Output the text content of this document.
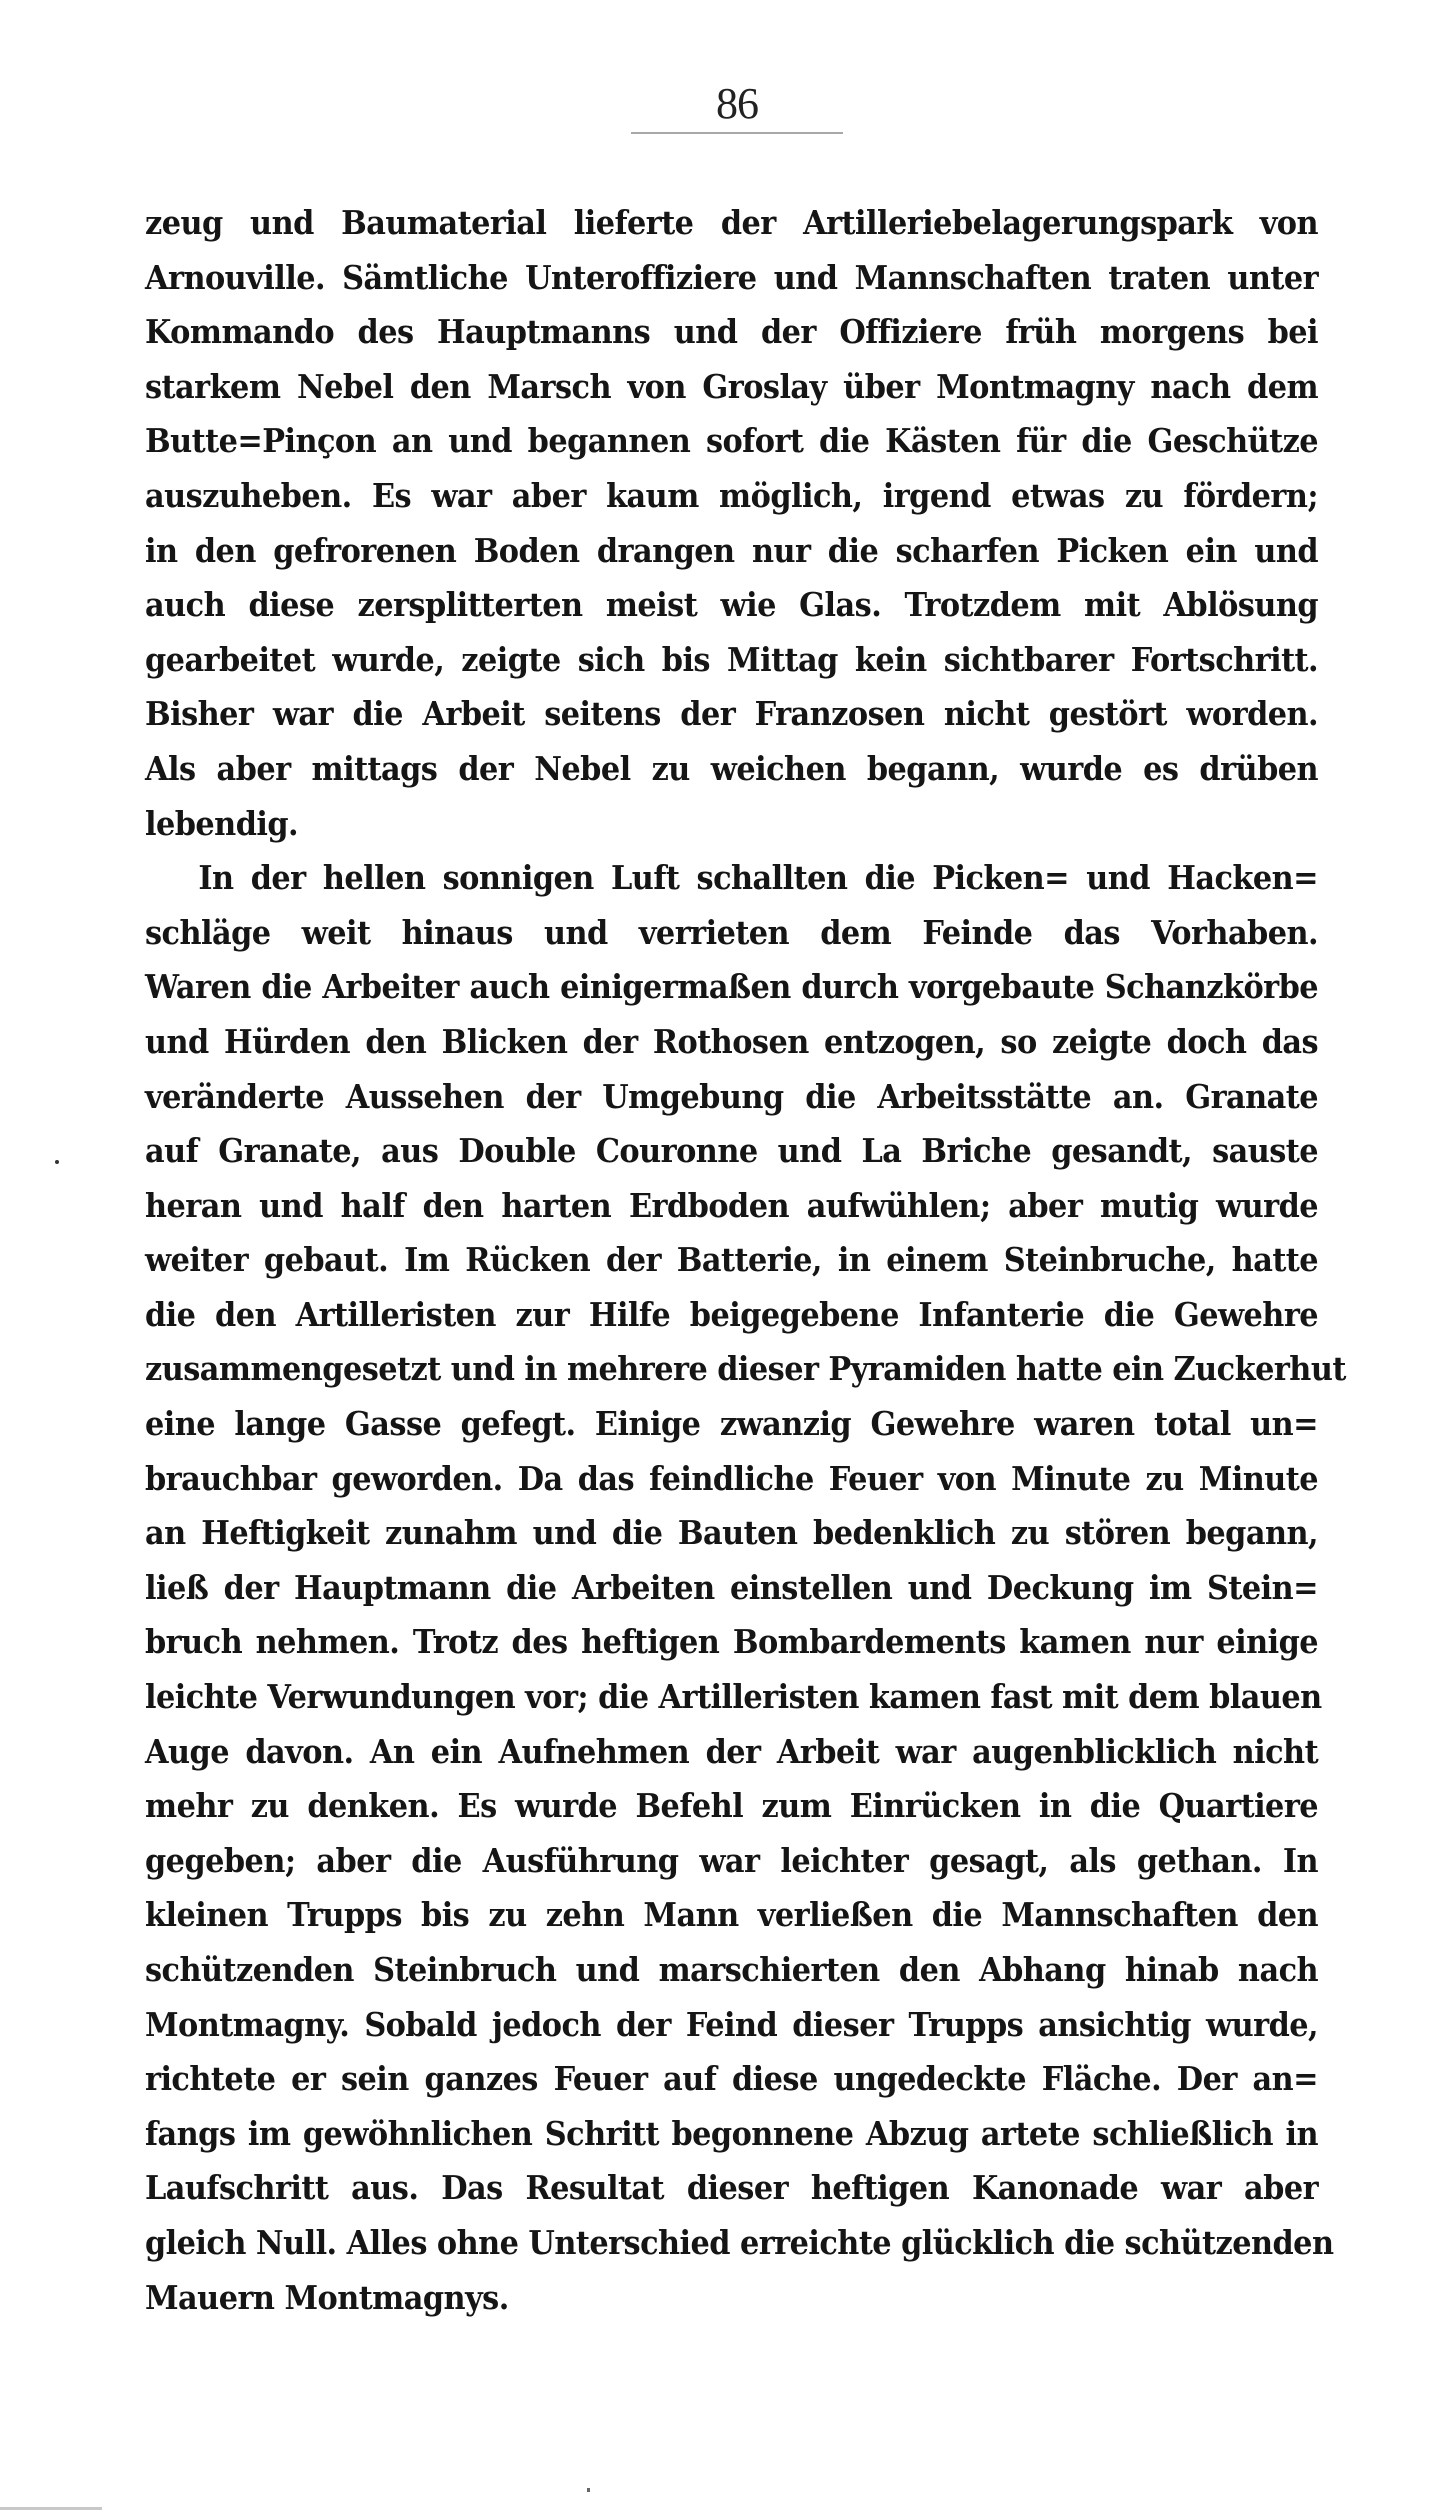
86
zeug und Baumaterial lieferte der Artilleriebelagerungspark von
Arnouville. Sämtliche Unteroffiziere und Mannschaften traten unter
Kommando des Hauptmanns und der Offiziere früh morgens bei
starkem Nebel den Marsch von Groslay über Montmagny nach dem
Butte=Pinçon an und begannen sofort die Kästen für die Geschütze
auszuheben. Es war aber kaum möglich, irgend etwas zu fördern;
in den gefrorenen Boden drangen nur die scharfen Picken ein und
auch diese zersplitterten meist wie Glas. Trotzdem mit Ablösung
gearbeitet wurde, zeigte sich bis Mittag kein sichtbarer Fortschritt.
Bisher war die Arbeit seitens der Franzosen nicht gestört worden.
Als aber mittags der Nebel zu weichen begann, wurde es drüben
lebendig.
In der hellen sonnigen Luft schallten die Picken= und Hacken=
schläge weit hinaus und verrieten dem Feinde das Vorhaben.
Waren die Arbeiter auch einigermaßen durch vorgebaute Schanzkörbe
und Hürden den Blicken der Rothosen entzogen, so zeigte doch das
veränderte Aussehen der Umgebung die Arbeitsstätte an. Granate
auf Granate, aus Double Couronne und La Briche gesandt, sauste
heran und half den harten Erdboden aufwühlen; aber mutig wurde
weiter gebaut. Im Rücken der Batterie, in einem Steinbruche, hatte
die den Artilleristen zur Hilfe beigegebene Infanterie die Gewehre
zusammengesetzt und in mehrere dieser Pyramiden hatte ein Zuckerhut
eine lange Gasse gefegt. Einige zwanzig Gewehre waren total un=
brauchbar geworden. Da das feindliche Feuer von Minute zu Minute
an Heftigkeit zunahm und die Bauten bedenklich zu stören begann,
ließ der Hauptmann die Arbeiten einstellen und Deckung im Stein=
bruch nehmen. Trotz des heftigen Bombardements kamen nur einige
leichte Verwundungen vor; die Artilleristen kamen fast mit dem blauen
Auge davon. An ein Aufnehmen der Arbeit war augenblicklich nicht
mehr zu denken. Es wurde Befehl zum Einrücken in die Quartiere
gegeben; aber die Ausführung war leichter gesagt, als gethan. In
kleinen Trupps bis zu zehn Mann verließen die Mannschaften den
schützenden Steinbruch und marschierten den Abhang hinab nach
Montmagny. Sobald jedoch der Feind dieser Trupps ansichtig wurde,
richtete er sein ganzes Feuer auf diese ungedeckte Fläche. Der an=
fangs im gewöhnlichen Schritt begonnene Abzug artete schließlich in
Laufschritt aus. Das Resultat dieser heftigen Kanonade war aber
gleich Null. Alles ohne Unterschied erreichte glücklich die schützenden
Mauern Montmagnys.
